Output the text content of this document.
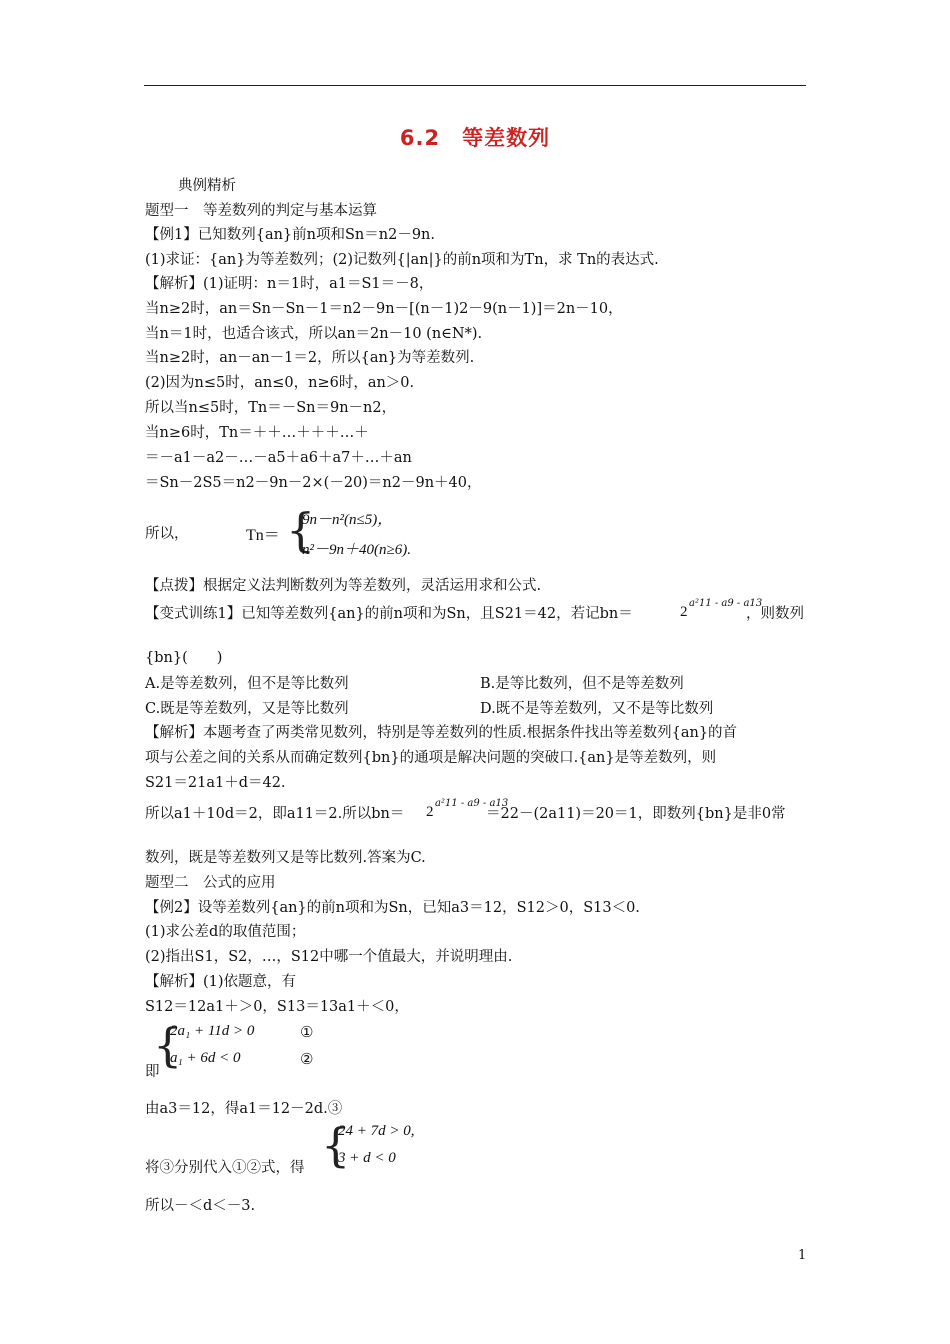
6.2　等差数列
典例精析
题型一　等差数列的判定与基本运算
【例1】已知数列{an}前n项和Sn＝n2－9n.
(1)求证：{an}为等差数列；(2)记数列{|an|}的前n项和为Tn，求 Tn的表达式.
【解析】(1)证明：n＝1时，a1＝S1＝－8，
当n≥2时，an＝Sn－Sn－1＝n2－9n－[(n－1)2－9(n－1)]＝2n－10，
当n＝1时，也适合该式，所以an＝2n－10 (n∈N*).
当n≥2时，an－an－1＝2，所以{an}为等差数列.
(2)因为n≤5时，an≤0，n≥6时，an＞0.
所以当n≤5时，Tn＝－Sn＝9n－n2，
当n≥6时，Tn＝＋＋…＋＋＋…＋
＝－a1－a2－…－a5＋a6＋a7＋…＋an
＝Sn－2S5＝n2－9n－2×(－20)＝n2－9n＋40，
所以，	Tn＝ {
9n－n²(n≤5)，
n²－9n＋40(n≥6).
【点拨】根据定义法判断数列为等差数列，灵活运用求和公式.
【变式训练1】已知等差数列{an}的前n项和为Sn，且S21＝42，若记bn＝	2
a²11 - a9 - a13
，则数列
{bn}(　　)
A.是等差数列，但不是等比数列	B.是等比数列，但不是等差数列
C.既是等差数列，又是等比数列	D.既不是等差数列，又不是等比数列
【解析】本题考查了两类常见数列，特别是等差数列的性质.根据条件找出等差数列{an}的首
项与公差之间的关系从而确定数列{bn}的通项是解决问题的突破口.{an}是等差数列，则
S21＝21a1＋d＝42.
所以a1＋10d＝2，即a11＝2.所以bn＝ 2
a²11 - a9 - a13
＝22－(2a11)＝20＝1，即数列{bn}是非0常
数列，既是等差数列又是等比数列.答案为C.
题型二　公式的应用
【例2】设等差数列{an}的前n项和为Sn，已知a3＝12，S12＞0，S13＜0.
(1)求公差d的取值范围；
(2)指出S1，S2，…，S12中哪一个值最大，并说明理由.
【解析】(1)依题意，有
S12＝12a1＋＞0，S13＝13a1＋＜0，
{
2a₁ + 11d > 0	①
a₁ + 6d < 0	②
即
由a3＝12，得a1＝12－2d.③
{
24 + 7d > 0,
3 + d < 0
将③分别代入①②式，得
所以－＜d＜－3.
1
